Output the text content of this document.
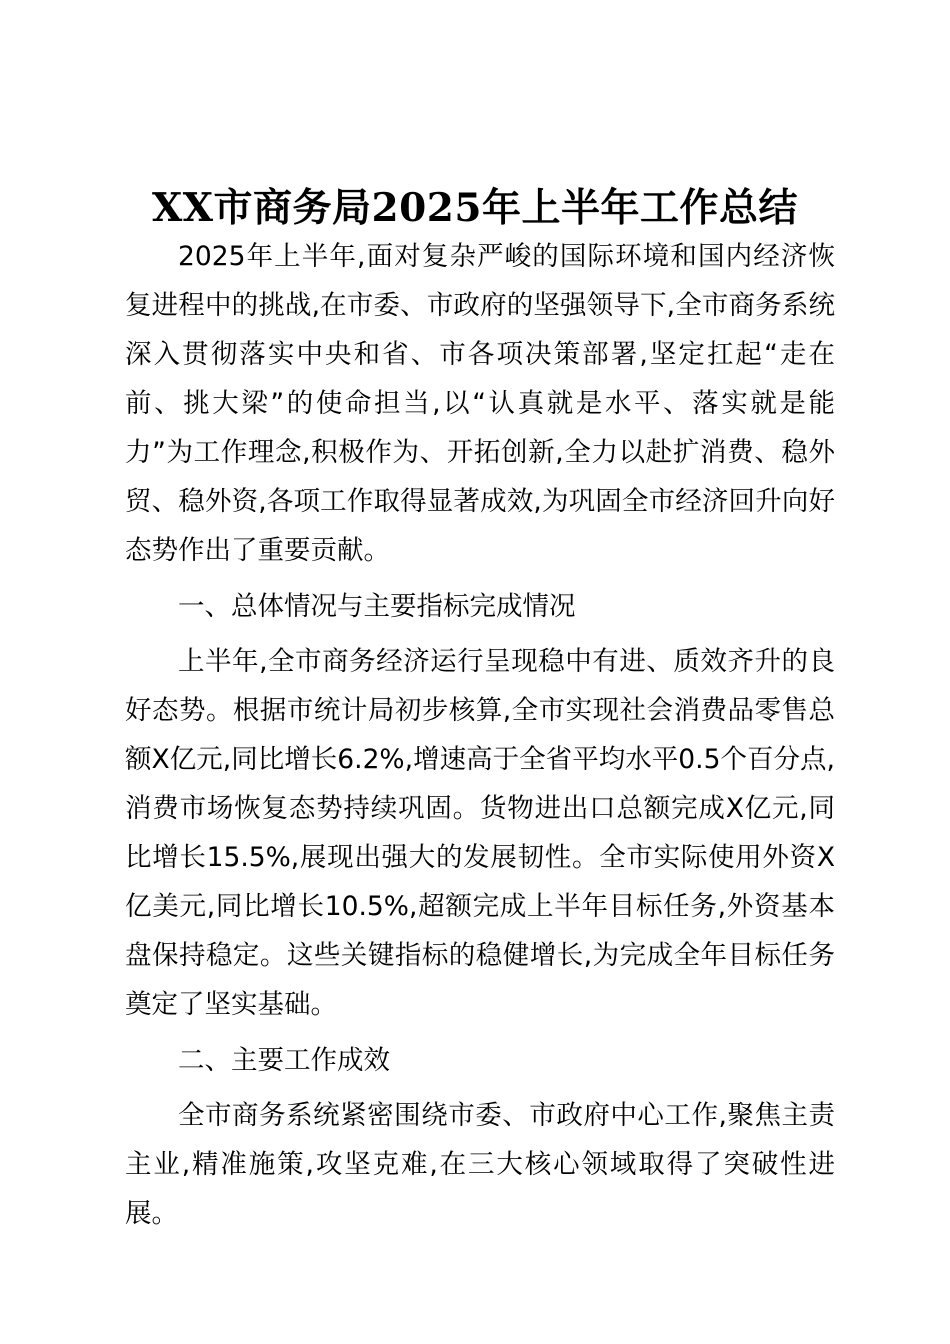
XX市商务局2025年上半年工作总结

2025年上半年,面对复杂严峻的国际环境和国内经济恢复进程中的挑战,在市委、市政府的坚强领导下,全市商务系统深入贯彻落实中央和省、市各项决策部署,坚定扛起“走在前、挑大梁”的使命担当,以“认真就是水平、落实就是能力”为工作理念,积极作为、开拓创新,全力以赴扩消费、稳外贸、稳外资,各项工作取得显著成效,为巩固全市经济回升向好态势作出了重要贡献。

一、总体情况与主要指标完成情况

上半年,全市商务经济运行呈现稳中有进、质效齐升的良好态势。根据市统计局初步核算,全市实现社会消费品零售总额X亿元,同比增长6.2%,增速高于全省平均水平0.5个百分点,消费市场恢复态势持续巩固。货物进出口总额完成X亿元,同比增长15.5%,展现出强大的发展韧性。全市实际使用外资X亿美元,同比增长10.5%,超额完成上半年目标任务,外资基本盘保持稳定。这些关键指标的稳健增长,为完成全年目标任务奠定了坚实基础。

二、主要工作成效

全市商务系统紧密围绕市委、市政府中心工作,聚焦主责主业,精准施策,攻坚克难,在三大核心领域取得了突破性进展。
